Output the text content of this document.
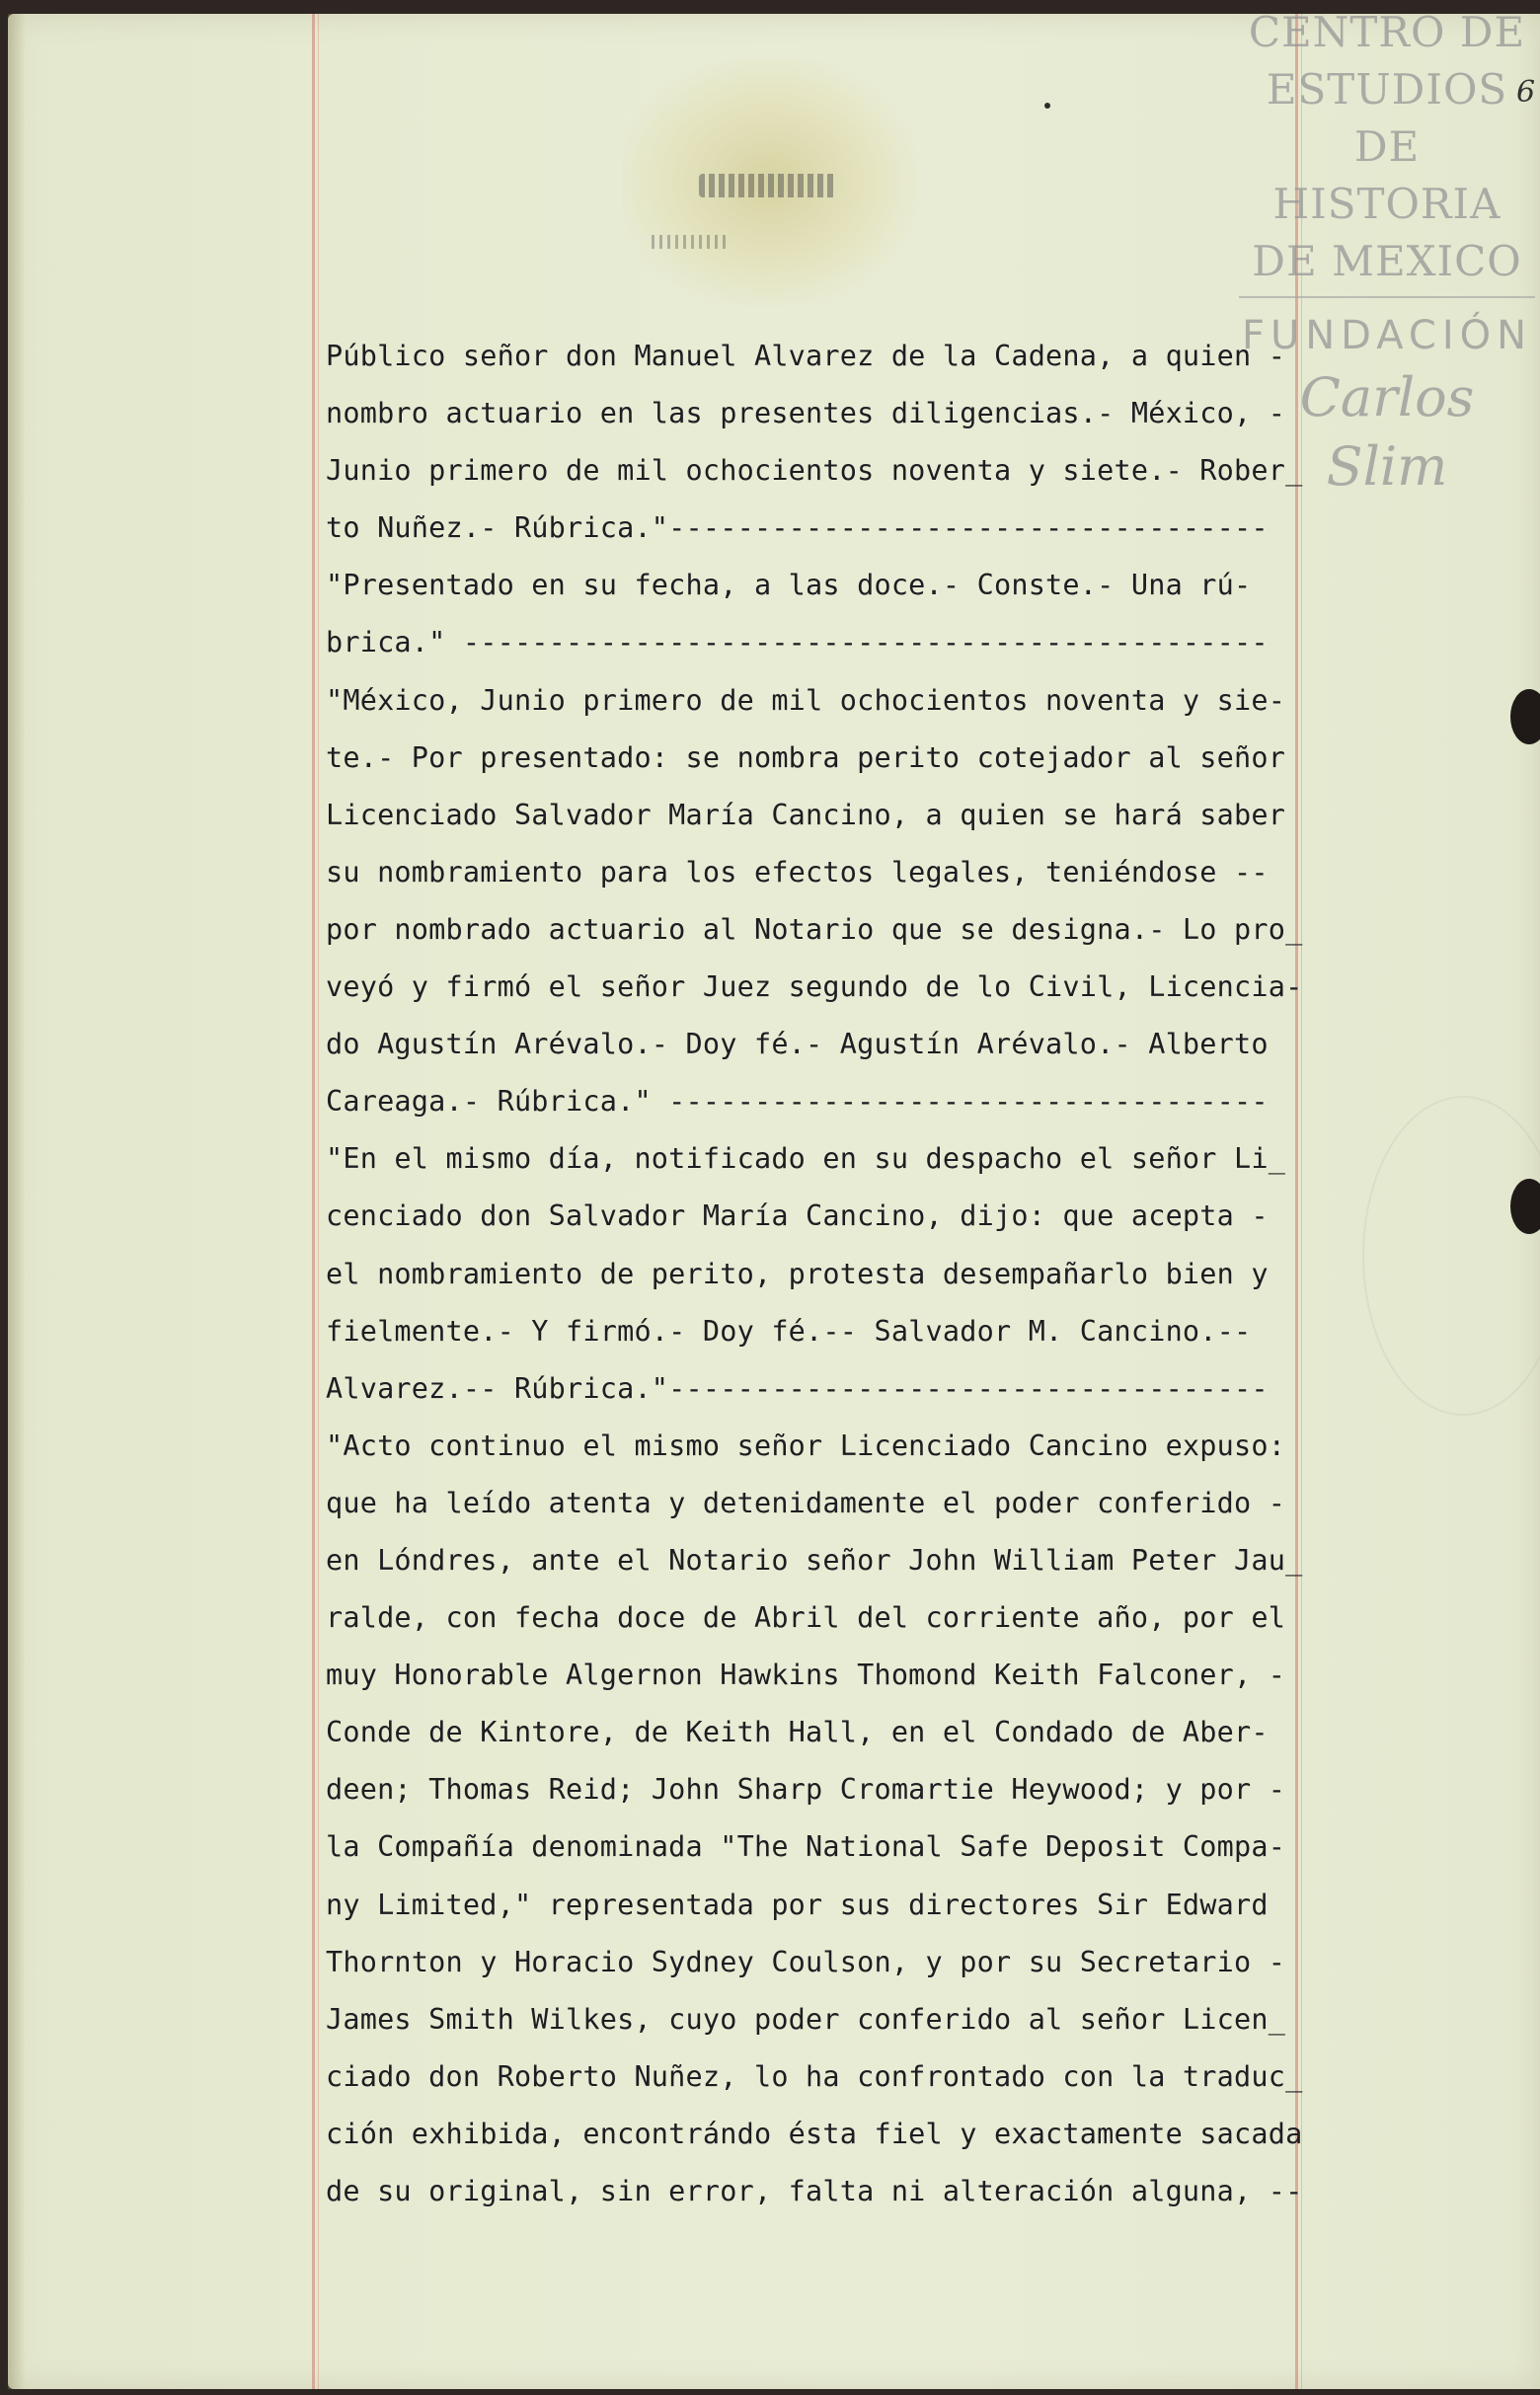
CENTRO DE
ESTUDIOS
DE HISTORIA
DE MEXICO
FUNDACIÓN
Carlos Slim
6
Público señor don Manuel Alvarez de la Cadena, a quien -
nombro actuario en las presentes diligencias.- México, -
Junio primero de mil ochocientos noventa y siete.- Rober_
to Nuñez.- Rúbrica."-----------------------------------
"Presentado en su fecha, a las doce.- Conste.- Una rú-
brica." -----------------------------------------------
"México, Junio primero de mil ochocientos noventa y sie-
te.- Por presentado: se nombra perito cotejador al señor
Licenciado Salvador María Cancino, a quien se hará saber
su nombramiento para los efectos legales, teniéndose --
por nombrado actuario al Notario que se designa.- Lo pro_
veyó y firmó el señor Juez segundo de lo Civil, Licencia-
do Agustín Arévalo.- Doy fé.- Agustín Arévalo.- Alberto
Careaga.- Rúbrica." -----------------------------------
"En el mismo día, notificado en su despacho el señor Li_
cenciado don Salvador María Cancino, dijo: que acepta -
el nombramiento de perito, protesta desempañarlo bien y
fielmente.- Y firmó.- Doy fé.-- Salvador M. Cancino.--
Alvarez.-- Rúbrica."-----------------------------------
"Acto continuo el mismo señor Licenciado Cancino expuso:
que ha leído atenta y detenidamente el poder conferido -
en Lóndres, ante el Notario señor John William Peter Jau_
ralde, con fecha doce de Abril del corriente año, por el
muy Honorable Algernon Hawkins Thomond Keith Falconer, -
Conde de Kintore, de Keith Hall, en el Condado de Aber-
deen; Thomas Reid; John Sharp Cromartie Heywood; y por -
la Compañía denominada "The National Safe Deposit Compa-
ny Limited," representada por sus directores Sir Edward
Thornton y Horacio Sydney Coulson, y por su Secretario -
James Smith Wilkes, cuyo poder conferido al señor Licen_
ciado don Roberto Nuñez, lo ha confrontado con la traduc_
ción exhibida, encontrándo ésta fiel y exactamente sacada
de su original, sin error, falta ni alteración alguna, --
